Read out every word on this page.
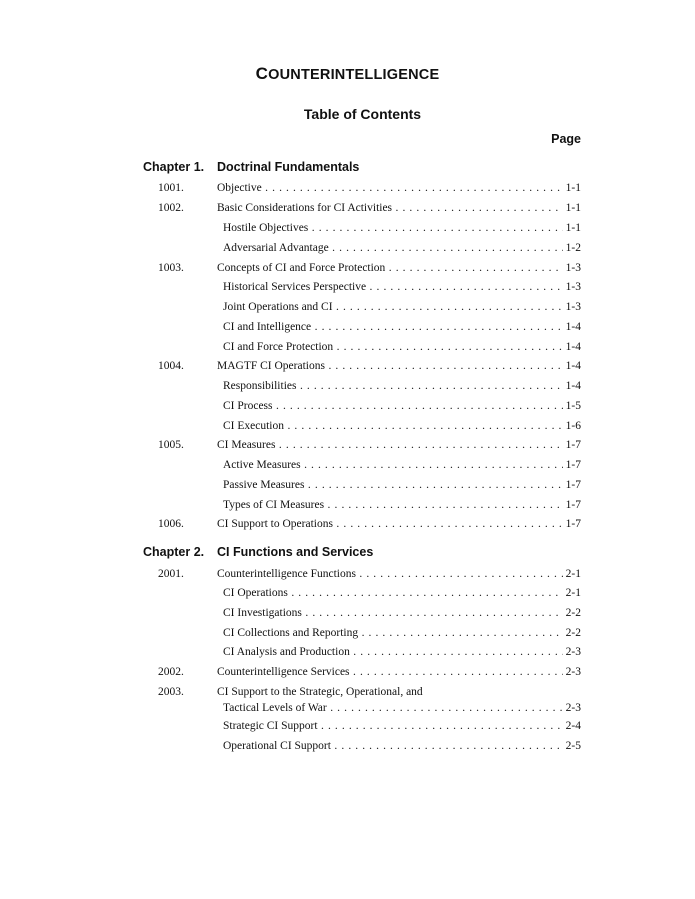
COUNTERINTELLIGENCE
Table of Contents
Page
Chapter 1. Doctrinal Fundamentals
1001.	Objective . . .	1-1
1002.	Basic Considerations for CI Activities . . .	1-1
Hostile Objectives . . .	1-1
Adversarial Advantage . . .	1-2
1003.	Concepts of CI and Force Protection . . .	1-3
Historical Services Perspective . . .	1-3
Joint Operations and CI . . .	1-3
CI and Intelligence . . .	1-4
CI and Force Protection . . .	1-4
1004.	MAGTF CI Operations . . .	1-4
Responsibilities . . .	1-4
CI Process . . .	1-5
CI Execution . . .	1-6
1005.	CI Measures . . .	1-7
Active Measures . . .	1-7
Passive Measures . . .	1-7
Types of CI Measures . . .	1-7
1006.	CI Support to Operations . . .	1-7
Chapter 2. CI Functions and Services
2001.	Counterintelligence Functions . . .	2-1
CI Operations . . .	2-1
CI Investigations . . .	2-2
CI Collections and Reporting . . .	2-2
CI Analysis and Production . . .	2-3
2002.	Counterintelligence Services . . .	2-3
2003.	CI Support to the Strategic, Operational, and
Tactical Levels of War . . .	2-3
Strategic CI Support . . .	2-4
Operational CI Support . . .	2-5
